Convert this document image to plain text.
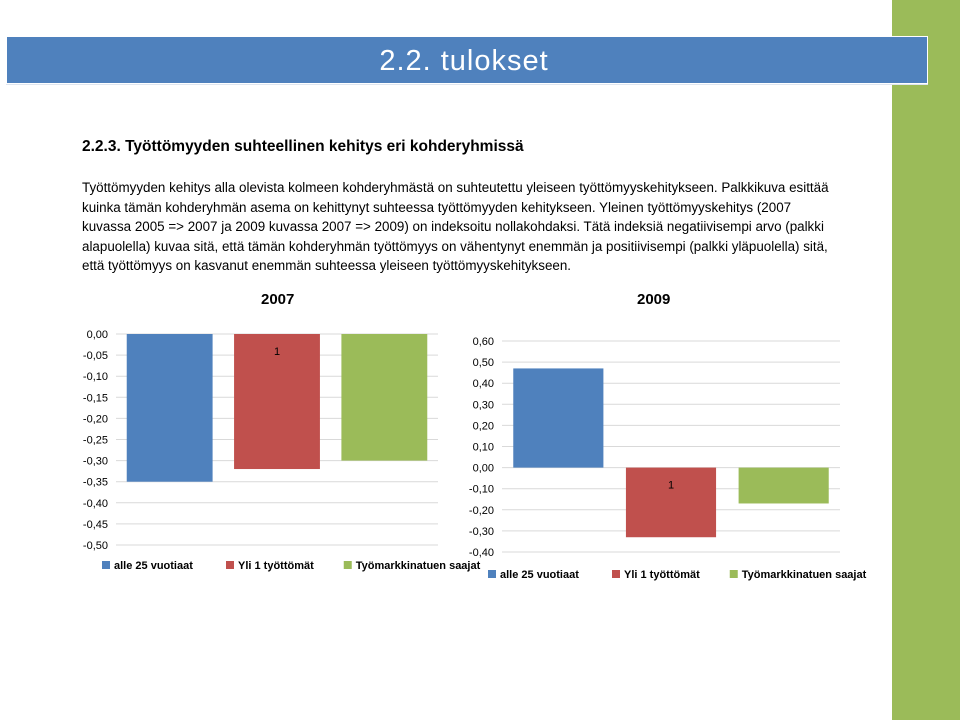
2.2. tulokset
2.2.3. Työttömyyden suhteellinen kehitys eri kohderyhmissä
Työttömyyden kehitys alla olevista kolmeen kohderyhmästä on suhteutettu yleiseen työttömyyskehitykseen. Palkkikuva esittää kuinka tämän kohderyhmän asema on kehittynyt suhteessa työttömyyden kehitykseen. Yleinen työttömyyskehitys (2007 kuvassa 2005 => 2007 ja 2009 kuvassa 2007 => 2009) on indeksoitu nollakohdaksi. Tätä indeksiä negatiivisempi arvo (palkki alapuolella) kuvaa sitä, että tämän kohderyhmän työttömyys on vähentynyt enemmän ja positiivisempi (palkki yläpuolella) sitä, että työttömyys on kasvanut enemmän suhteessa yleiseen työttömyyskehitykseen.
2007	2009
0,00
-0,05
-0,10
-0,15
-0,20
-0,25
-0,30
-0,35
-0,40
-0,45
-0,50
1
alle 25 vuotiaat	Yli 1 työttömät	Työmarkkinatuen saajat
0,60
0,50
0,40
0,30
0,20
0,10
0,00
-0,10
-0,20
-0,30
-0,40
1
alle 25 vuotiaat	Yli 1 työttömät	Työmarkkinatuen saajat
